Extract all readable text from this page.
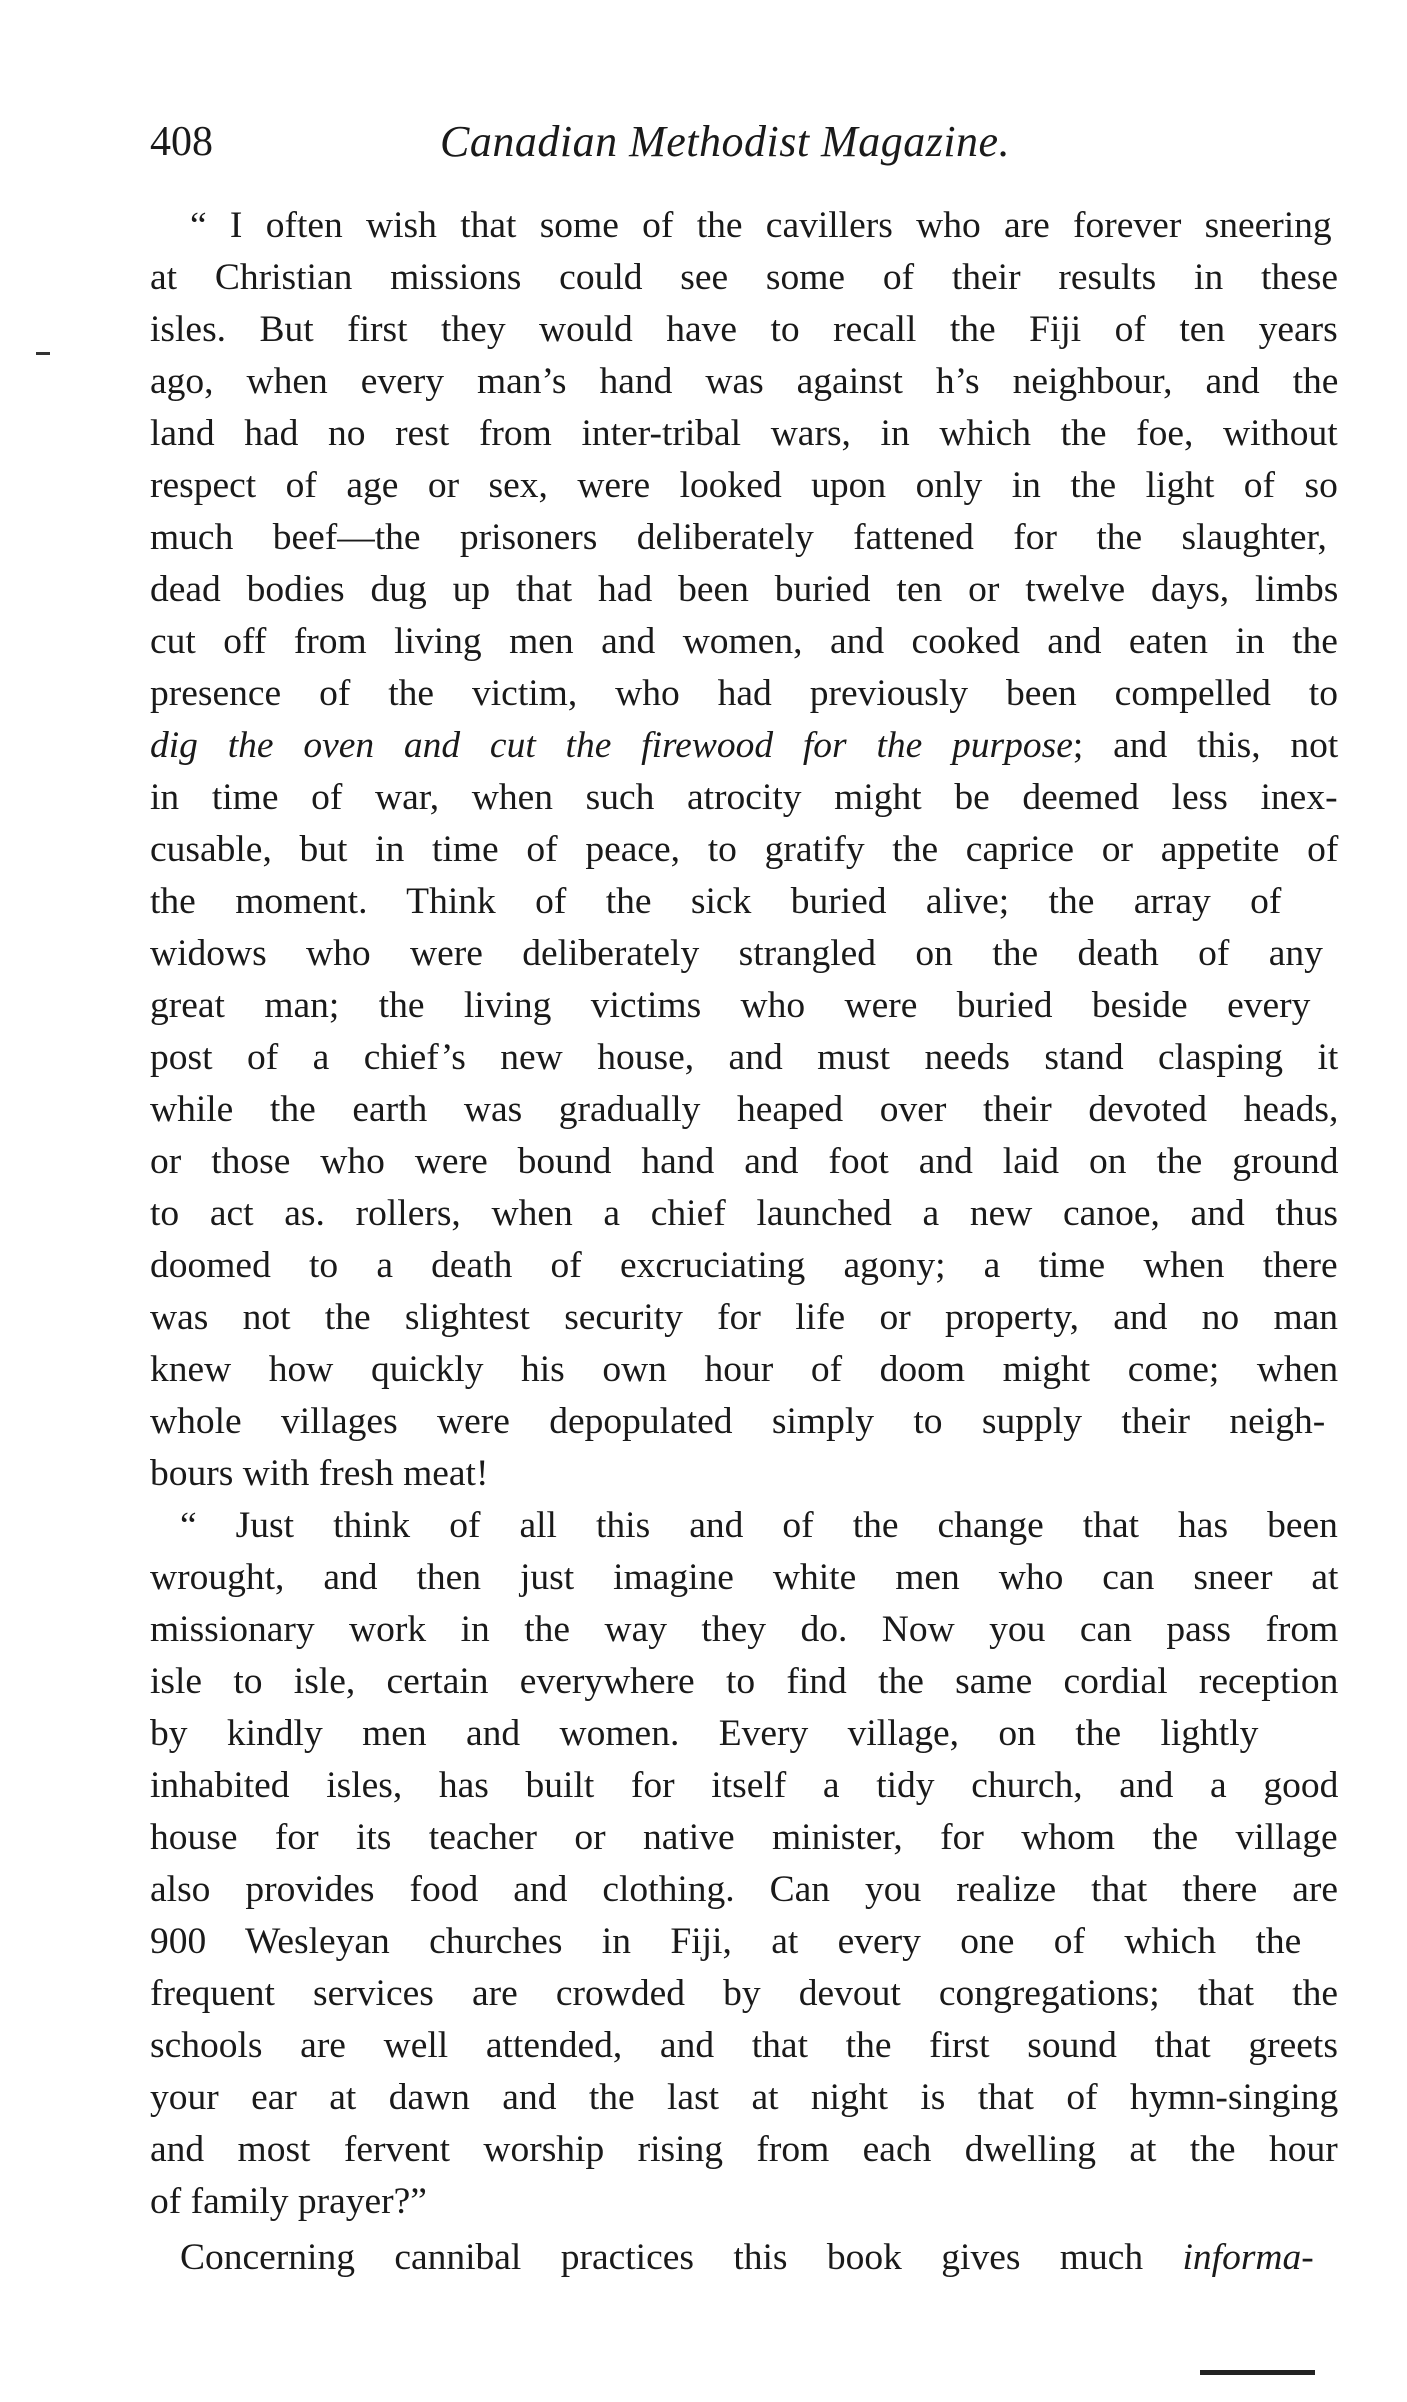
408	Canadian Methodist Magazine.
“ I often wish that some of the cavillers who are forever sneering
at Christian missions could see some of their results in these
isles. But first they would have to recall the Fiji of ten years
ago, when every man’s hand was against h’s neighbour, and the
land had no rest from inter-tribal wars, in which the foe, without
respect of age or sex, were looked upon only in the light of so
much beef—the prisoners deliberately fattened for the slaughter,
dead bodies dug up that had been buried ten or twelve days, limbs
cut off from living men and women, and cooked and eaten in the
presence of the victim, who had previously been compelled to
dig the oven and cut the firewood for the purpose; and this, not
in time of war, when such atrocity might be deemed less inex-
cusable, but in time of peace, to gratify the caprice or appetite of
the moment. Think of the sick buried alive; the array of
widows who were deliberately strangled on the death of any
great man; the living victims who were buried beside every
post of a chief’s new house, and must needs stand clasping it
while the earth was gradually heaped over their devoted heads,
or those who were bound hand and foot and laid on the ground
to act as. rollers, when a chief launched a new canoe, and thus
doomed to a death of excruciating agony; a time when there
was not the slightest security for life or property, and no man
knew how quickly his own hour of doom might come; when
whole villages were depopulated simply to supply their neigh-
bours with fresh meat!
“ Just think of all this and of the change that has been
wrought, and then just imagine white men who can sneer at
missionary work in the way they do. Now you can pass from
isle to isle, certain everywhere to find the same cordial reception
by kindly men and women. Every village, on the lightly
inhabited isles, has built for itself a tidy church, and a good
house for its teacher or native minister, for whom the village
also provides food and clothing. Can you realize that there are
900 Wesleyan churches in Fiji, at every one of which the
frequent services are crowded by devout congregations; that the
schools are well attended, and that the first sound that greets
your ear at dawn and the last at night is that of hymn-singing
and most fervent worship rising from each dwelling at the hour
of family prayer?”
Concerning cannibal practices this book gives much informa-
